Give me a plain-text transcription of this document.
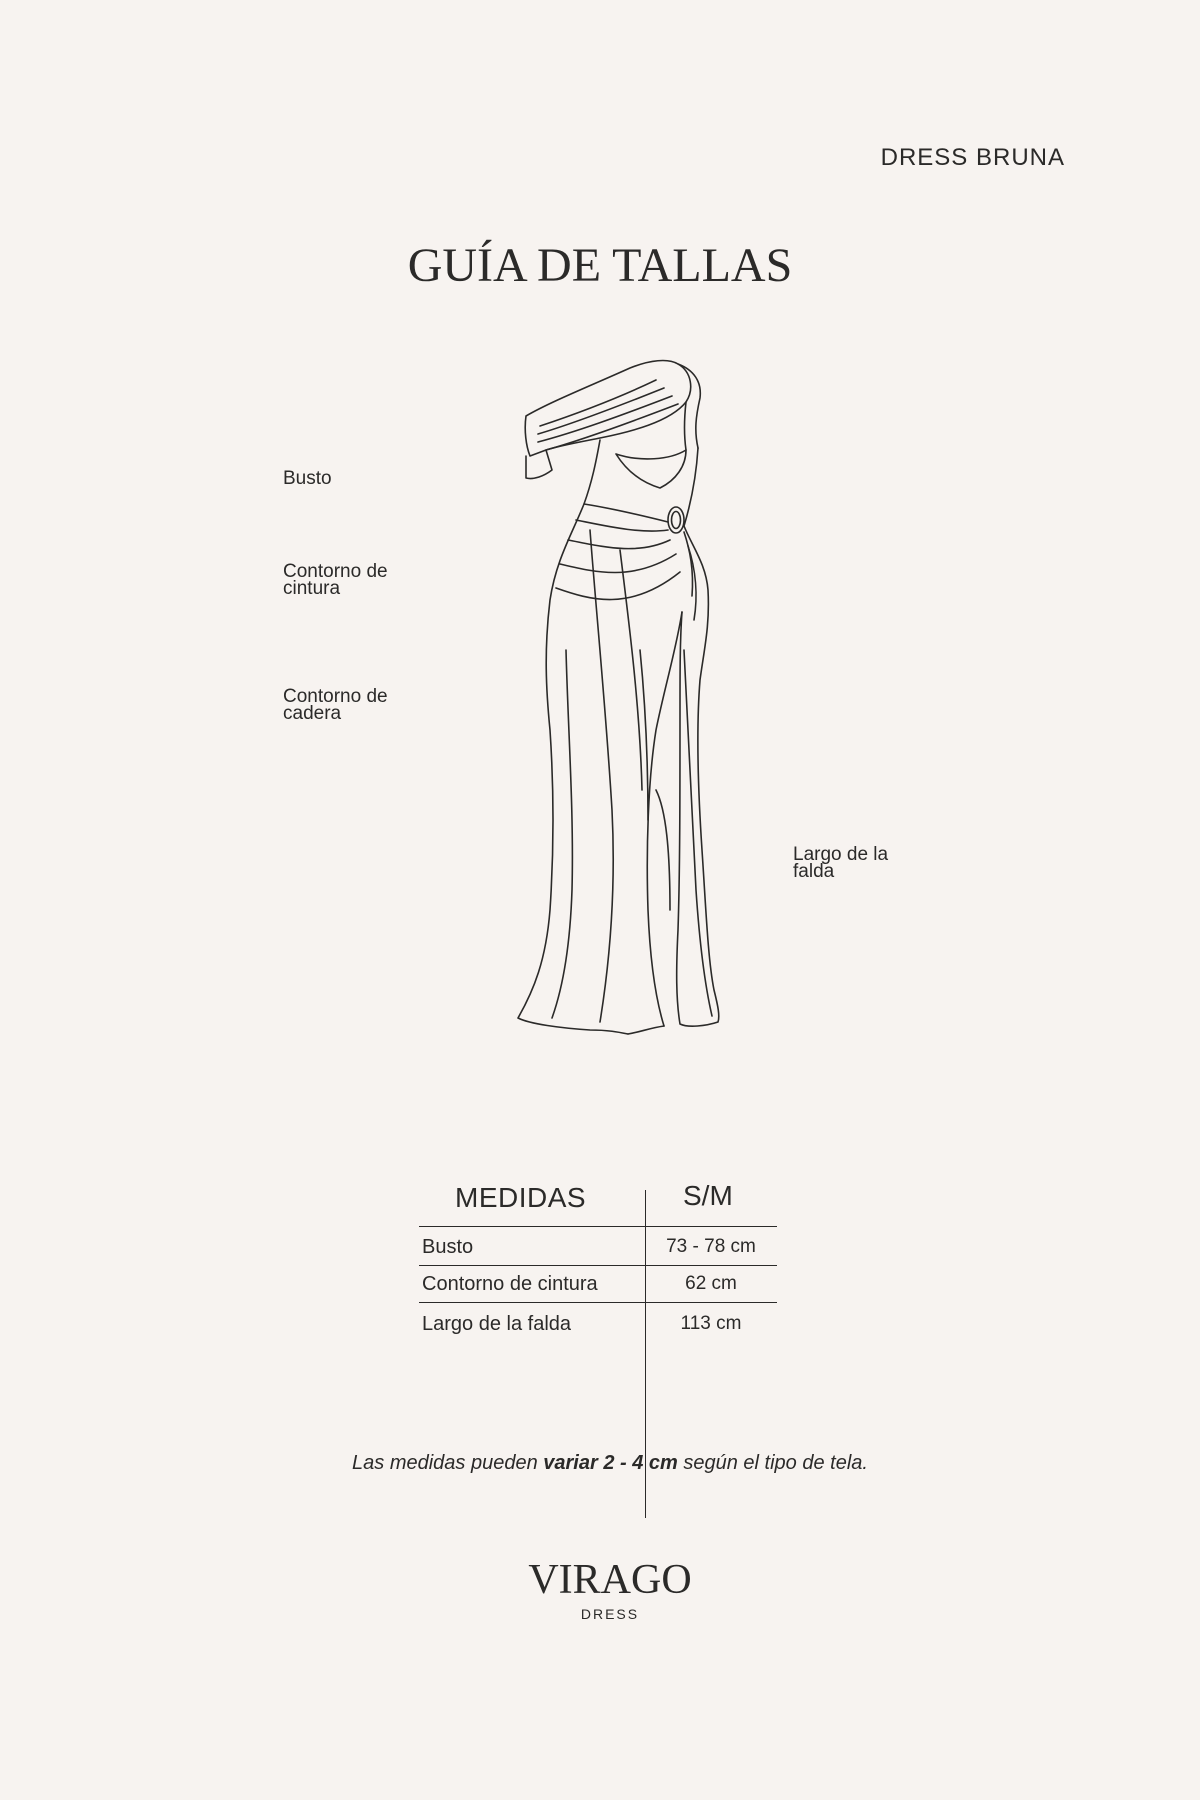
DRESS BRUNA
GUÍA DE TALLAS
Busto
Contorno de
cintura
Contorno de
cadera
Largo de la
falda
MEDIDAS	S/M
Busto	73 - 78 cm
Contorno de cintura	62 cm
Largo de la falda	113 cm
Las medidas pueden variar 2 - 4 cm según el tipo de tela.
VIRAGO
DRESS
